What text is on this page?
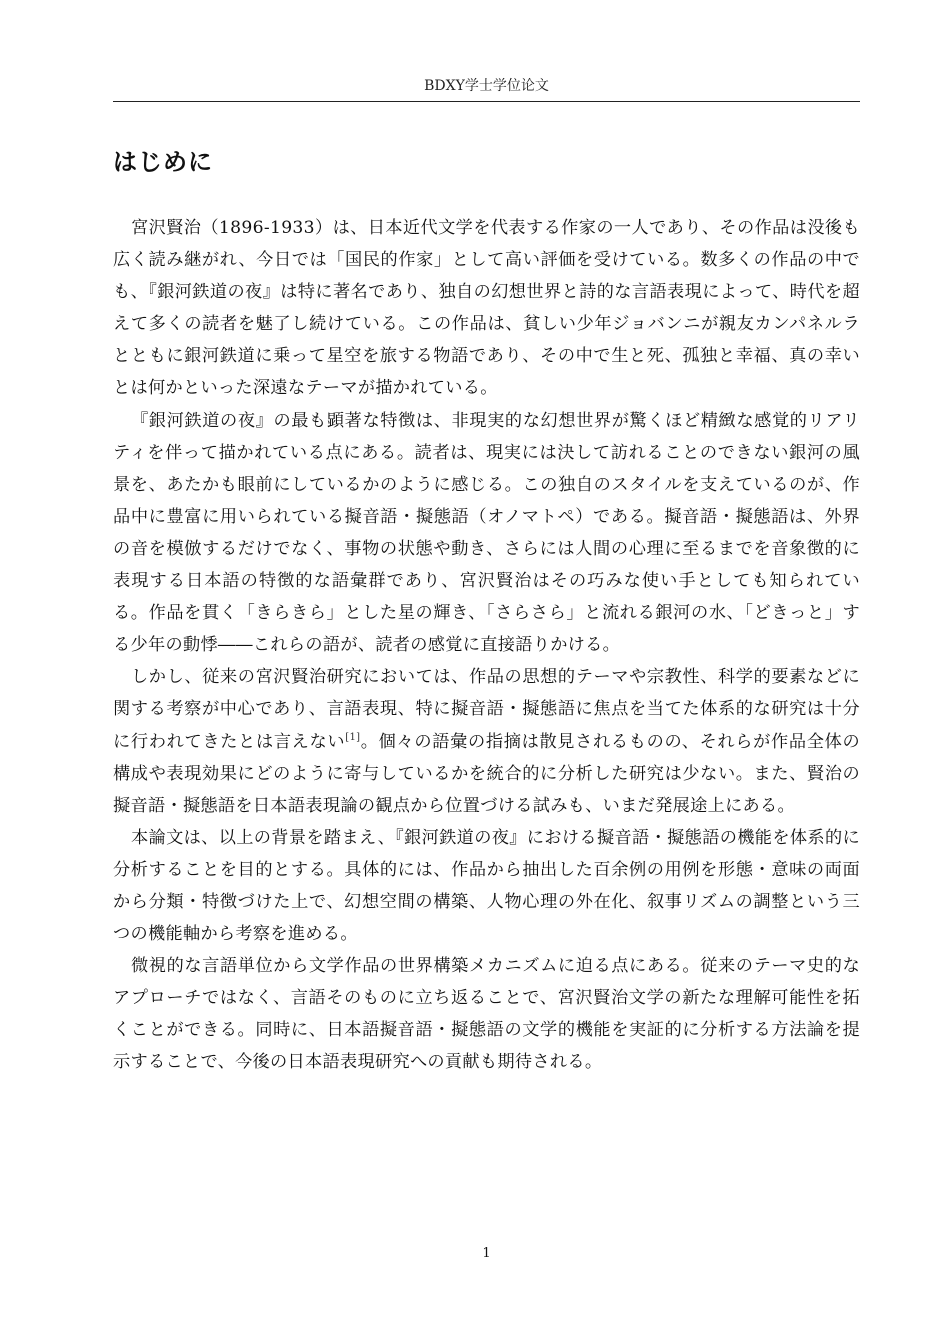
BDXY学士学位论文
はじめに

宮沢賢治（1896-1933）は、日本近代文学を代表する作家の一人であり、その作品は没後も広く読み継がれ、今日では「国民的作家」として高い評価を受けている。数多くの作品の中でも、『銀河鉄道の夜』は特に著名であり、独自の幻想世界と詩的な言語表現によって、時代を超えて多くの読者を魅了し続けている。この作品は、貧しい少年ジョバンニが親友カンパネルラとともに銀河鉄道に乗って星空を旅する物語であり、その中で生と死、孤独と幸福、真の幸いとは何かといった深遠なテーマが描かれている。

『銀河鉄道の夜』の最も顕著な特徴は、非現実的な幻想世界が驚くほど精緻な感覚的リアリティを伴って描かれている点にある。読者は、現実には決して訪れることのできない銀河の風景を、あたかも眼前にしているかのように感じる。この独自のスタイルを支えているのが、作品中に豊富に用いられている擬音語・擬態語（オノマトペ）である。擬音語・擬態語は、外界の音を模倣するだけでなく、事物の状態や動き、さらには人間の心理に至るまでを音象徴的に表現する日本語の特徴的な語彙群であり、宮沢賢治はその巧みな使い手としても知られている。作品を貫く「きらきら」とした星の輝き、「さらさら」と流れる銀河の水、「どきっと」する少年の動悸――これらの語が、読者の感覚に直接語りかける。

しかし、従来の宮沢賢治研究においては、作品の思想的テーマや宗教性、科学的要素などに関する考察が中心であり、言語表現、特に擬音語・擬態語に焦点を当てた体系的な研究は十分に行われてきたとは言えない[1]。個々の語彙の指摘は散見されるものの、それらが作品全体の構成や表現効果にどのように寄与しているかを統合的に分析した研究は少ない。また、賢治の擬音語・擬態語を日本語表現論の観点から位置づける試みも、いまだ発展途上にある。

本論文は、以上の背景を踏まえ、『銀河鉄道の夜』における擬音語・擬態語の機能を体系的に分析することを目的とする。具体的には、作品から抽出した百余例の用例を形態・意味の両面から分類・特徴づけた上で、幻想空間の構築、人物心理の外在化、叙事リズムの調整という三つの機能軸から考察を進める。

微視的な言語単位から文学作品の世界構築メカニズムに迫る点にある。従来のテーマ史的なアプローチではなく、言語そのものに立ち返ることで、宮沢賢治文学の新たな理解可能性を拓くことができる。同時に、日本語擬音語・擬態語の文学的機能を実証的に分析する方法論を提示することで、今後の日本語表現研究への貢献も期待される。

1
